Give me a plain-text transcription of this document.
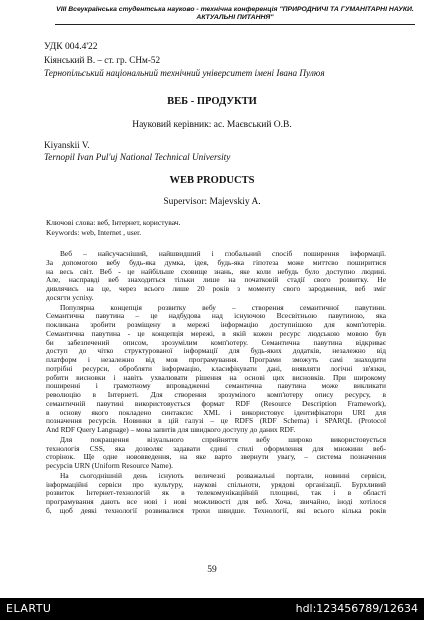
VIII Всеукраїнська студентська науково - технічна конференція "ПРИРОДНИЧІ ТА ГУМАНІТАРНІ НАУКИ. АКТУАЛЬНІ ПИТАННЯ"
УДК 004.4'22
Кіянський В. – ст. гр. СНм-52
Тернопільський національний технічний університет імені Івана Пулюя
ВЕБ - ПРОДУКТИ
Науковий керівник: ас. Маєвський О.В.
Kiyanskii V.
Ternopil Ivan Pul'uj National Technical University
WEB PRODUCTS
Supervisor: Majevskiy A.
Ключові слова: веб, Інтернет, користувач.
Keywords: web, Internet , user.

Веб – найсучасніший, найшвидший і глобальний спосіб поширення інформації.
За допомогою вебу будь-яка думка, ідея, будь-яка гіпотеза може миттєво поширитися
на весь світ. Веб - це найбільше сховище знань, яке коли небудь було доступно людині.
Але, насправді веб знаходиться тільки лише на початковій стадії свого розвитку. Не
дивлячись на це, через всього лише 20 років з моменту свого зародження, веб зміг
досягти успіху.

Популярна концепція розвитку вебу – створення семантичної павутини.
Семантична павутина – це надбудова над існуючою Всесвітньою павутиною, яка
покликана зробити розміщену в мережі інформацію доступнішою для комп'ютерів.
Семантична павутина - це концепція мережі, в якій кожен ресурс людською мовою був
би забезпечений описом, зрозумілим комп'ютеру. Семантична павутина відкриває
доступ до чітко структурованої інформації для будь-яких додатків, незалежно від
платформ і незалежно від мов програмування. Програми зможуть самі знаходити
потрібні ресурси, обробляти інформацію, класифікувати дані, виявляти логічні зв'язки,
робити висновки і навіть ухвалювати рішення на основі цих висновків. При широкому
поширенні і грамотному впровадженні семантична павутина може викликати
революцію в Інтернеті. Для створення зрозумілого комп'ютеру опису ресурсу, в
семантичній павутині використовується формат RDF (Resource Description Framework),
в основу якого покладено синтаксис XML і використовує ідентифікатори URI для
позначення ресурсів. Новинки в цій галузі – це RDFS (RDF Schema) і SPARQL (Protocol
And RDF Query Language) – мова запитів для швидкого доступу до даних RDF.

Для покращення візуального сприйняття вебу широко використовується
технологія CSS, яка дозволяє задавати єдині стилі оформлення для множини веб-
сторінок. Ще одне нововведення, на яке варто звернути увагу, – система позначення
ресурсів URN (Uniform Resource Name).

На сьогоднішній день існують величезні розважальні портали, новинні сервіси,
інформаційні сервіси про культуру, наукові спільноти, урядові організації. Бурхливий
розвиток Інтернет-технологій як в телекомунікаційній площині, так і в області
програмування дають все нові і нові можливості для веб. Хоча, звичайно, іноді хотілося
б, щоб деякі технології розвивалися трохи швидше. Технології, які всього кілька років

59
ELARTU	hdl:123456789/12634
